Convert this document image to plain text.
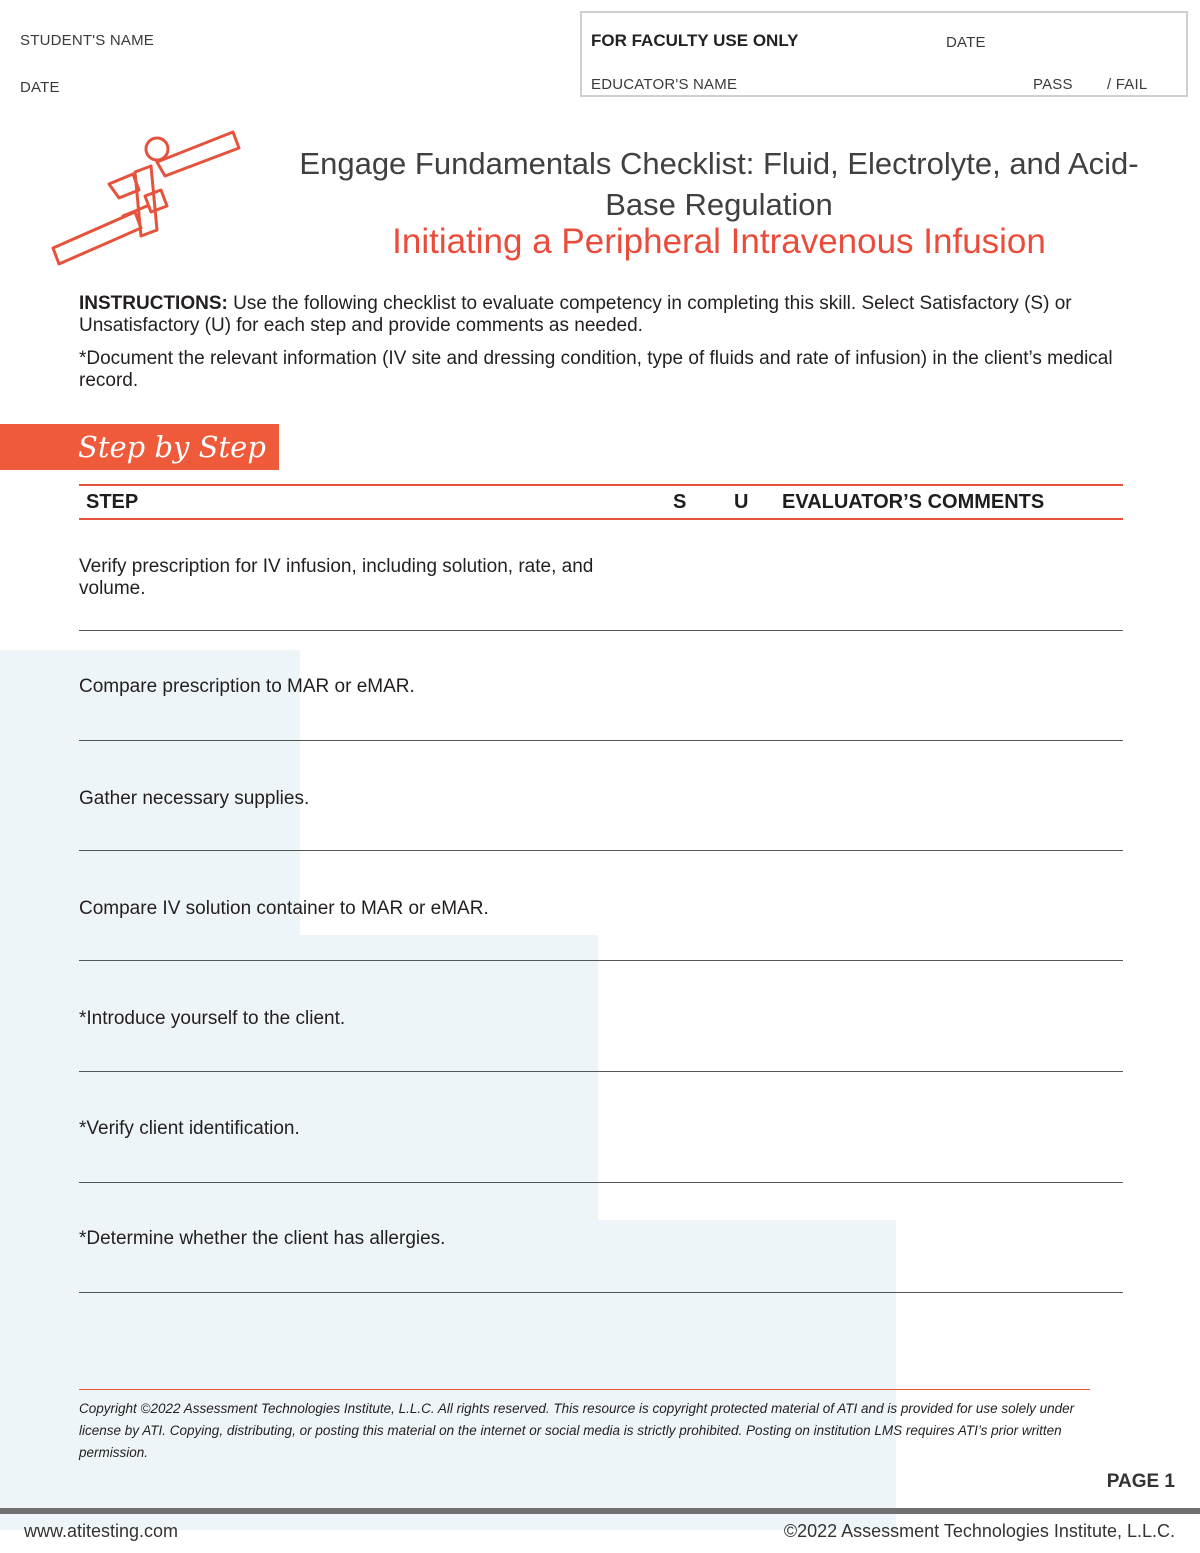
STUDENT'S NAME
DATE
FOR FACULTY USE ONLY	DATE
EDUCATOR'S NAME	PASS / FAIL
Engage Fundamentals Checklist: Fluid, Electrolyte, and Acid-
Base Regulation
Initiating a Peripheral Intravenous Infusion
INSTRUCTIONS: Use the following checklist to evaluate competency in completing this skill. Select Satisfactory (S) or Unsatisfactory (U) for each step and provide comments as needed.
*Document the relevant information (IV site and dressing condition, type of fluids and rate of infusion) in the client’s medical record.
Step by Step
STEP	S U EVALUATOR’S COMMENTS
Verify prescription for IV infusion, including solution, rate, and volume.
Compare prescription to MAR or eMAR.
Gather necessary supplies.
Compare IV solution container to MAR or eMAR.
*Introduce yourself to the client.
*Verify client identification.
*Determine whether the client has allergies.
Copyright ©2022 Assessment Technologies Institute, L.L.C. All rights reserved. This resource is copyright protected material of ATI and is provided for use solely under license by ATI. Copying, distributing, or posting this material on the internet or social media is strictly prohibited. Posting on institution LMS requires ATI’s prior written permission.
PAGE 1
www.atitesting.com	©2022 Assessment Technologies Institute, L.L.C.
